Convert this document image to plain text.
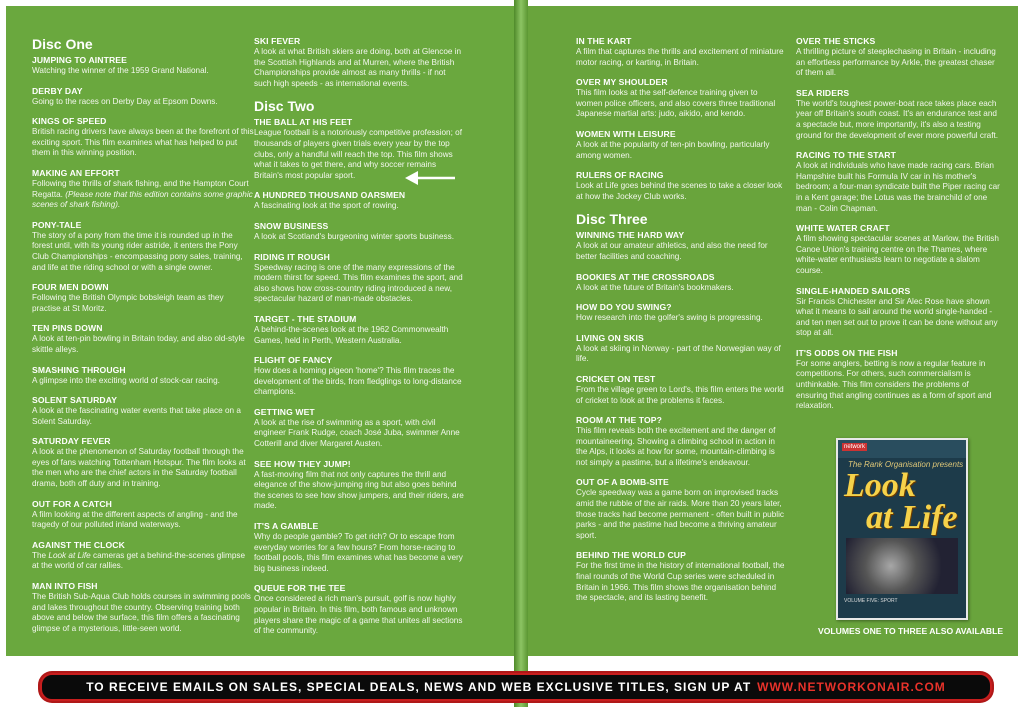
Disc One
JUMPING TO AINTREE

Watching the winner of the 1959 Grand National.

DERBY DAY

Going to the races on Derby Day at Epsom Downs.

KINGS OF SPEED

British racing drivers have always been at the forefront of this exciting sport. This film examines what has helped to put them in this winning position.

MAKING AN EFFORT

Following the thrills of shark fishing, and the Hampton Court Regatta. (Please note that this edition contains some graphic scenes of shark fishing).

PONY-TALE

The story of a pony from the time it is rounded up in the forest until, with its young rider astride, it enters the Pony Club Championships - encompassing pony sales, training, and life at the riding school or with a single owner.

FOUR MEN DOWN

Following the British Olympic bobsleigh team as they practise at St Moritz.

TEN PINS DOWN

A look at ten-pin bowling in Britain today, and also old-style skittle alleys.

SMASHING THROUGH

A glimpse into the exciting world of stock-car racing.

SOLENT SATURDAY

A look at the fascinating water events that take place on a Solent Saturday.

SATURDAY FEVER

A look at the phenomenon of Saturday football through the eyes of fans watching Tottenham Hotspur. The film looks at the men who are the chief actors in the Saturday football drama, both off duty and in training.

OUT FOR A CATCH

A film looking at the different aspects of angling - and the tragedy of our polluted inland waterways.

AGAINST THE CLOCK

The Look at Life cameras get a behind-the-scenes glimpse at the world of car rallies.

MAN INTO FISH

The British Sub-Aqua Club holds courses in swimming pools and lakes throughout the country. Observing training both above and below the surface, this film offers a fascinating glimpse of a mysterious, little-seen world.

SKI FEVER

A look at what British skiers are doing, both at Glencoe in the Scottish Highlands and at Murren, where the British Championships provide almost as many thrills - if not such high speeds - as international events.

Disc Two
THE BALL AT HIS FEET

League football is a notoriously competitive profession; of thousands of players given trials every year by the top clubs, only a handful will reach the top. This film shows what it takes to get there, and why soccer remains Britain's most popular sport.

A HUNDRED THOUSAND OARSMEN

A fascinating look at the sport of rowing.

SNOW BUSINESS

A look at Scotland's burgeoning winter sports business.

RIDING IT ROUGH

Speedway racing is one of the many expressions of the modern thirst for speed. This film examines the sport, and also shows how cross-country riding introduced a new, spectacular hazard of man-made obstacles.

TARGET - THE STADIUM

A behind-the-scenes look at the 1962 Commonwealth Games, held in Perth, Western Australia.

FLIGHT OF FANCY

How does a homing pigeon 'home'? This film traces the development of the birds, from fledglings to long-distance champions.

GETTING WET

A look at the rise of swimming as a sport, with civil engineer Frank Rudge, coach José Juba, swimmer Anne Cotterill and diver Margaret Austen.

SEE HOW THEY JUMP!

A fast-moving film that not only captures the thrill and elegance of the show-jumping ring but also goes behind the scenes to see how show jumpers, and their riders, are made.

IT'S A GAMBLE

Why do people gamble? To get rich? Or to escape from everyday worries for a few hours? From horse-racing to football pools, this film examines what has become a very big business indeed.

QUEUE FOR THE TEE

Once considered a rich man's pursuit, golf is now highly popular in Britain. In this film, both famous and unknown players share the magic of a game that unites all sections of the community.

IN THE KART

A film that captures the thrills and excitement of miniature motor racing, or karting, in Britain.

OVER MY SHOULDER

This film looks at the self-defence training given to women police officers, and also covers three traditional Japanese martial arts: judo, aikido, and kendo.

WOMEN WITH LEISURE

A look at the popularity of ten-pin bowling, particularly among women.

RULERS OF RACING

Look at Life goes behind the scenes to take a closer look at how the Jockey Club works.

Disc Three
WINNING THE HARD WAY

A look at our amateur athletics, and also the need for better facilities and coaching.

BOOKIES AT THE CROSSROADS

A look at the future of Britain's bookmakers.

HOW DO YOU SWING?

How research into the golfer's swing is progressing.

LIVING ON SKIS

A look at skiing in Norway - part of the Norwegian way of life.

CRICKET ON TEST

From the village green to Lord's, this film enters the world of cricket to look at the problems it faces.

ROOM AT THE TOP?

This film reveals both the excitement and the danger of mountaineering. Showing a climbing school in action in the Alps, it looks at how for some, mountain-climbing is not simply a pastime, but a lifetime's endeavour.

OUT OF A BOMB-SITE

Cycle speedway was a game born on improvised tracks amid the rubble of the air raids. More than 20 years later, those tracks had become permanent - often built in public parks - and the pastime had become a thriving amateur sport.

BEHIND THE WORLD CUP

For the first time in the history of international football, the final rounds of the World Cup series were scheduled in Britain in 1966. This film shows the organisation behind the spectacle, and its lasting benefit.

OVER THE STICKS

A thrilling picture of steeplechasing in Britain - including an effortless performance by Arkle, the greatest chaser of them all.

SEA RIDERS

The world's toughest power-boat race takes place each year off Britain's south coast. It's an endurance test and a spectacle but, more importantly, it's also a testing ground for the development of ever more powerful craft.

RACING TO THE START

A look at individuals who have made racing cars. Brian Hampshire built his Formula IV car in his mother's bedroom; a four-man syndicate built the Piper racing car in a Kent garage; the Lotus was the brainchild of one man - Colin Chapman.

WHITE WATER CRAFT

A film showing spectacular scenes at Marlow, the British Canoe Union's training centre on the Thames, where white-water enthusiasts learn to negotiate a slalom course.

SINGLE-HANDED SAILORS

Sir Francis Chichester and Sir Alec Rose have shown what it means to sail around the world single-handed - and ten men set out to prove it can be done without any stop at all.

IT'S ODDS ON THE FISH

For some anglers, betting is now a regular feature in competitions. For others, such commercialism is unthinkable. This film considers the problems of ensuring that angling continues as a form of sport and relaxation.

network
The Rank Organisation presents
Look
at Life
VOLUME FIVE: SPORT
VOLUMES ONE TO THREE ALSO AVAILABLE
TO RECEIVE EMAILS ON SALES, SPECIAL DEALS, NEWS AND WEB EXCLUSIVE TITLES, SIGN UP AT WWW.NETWORKONAIR.COM
